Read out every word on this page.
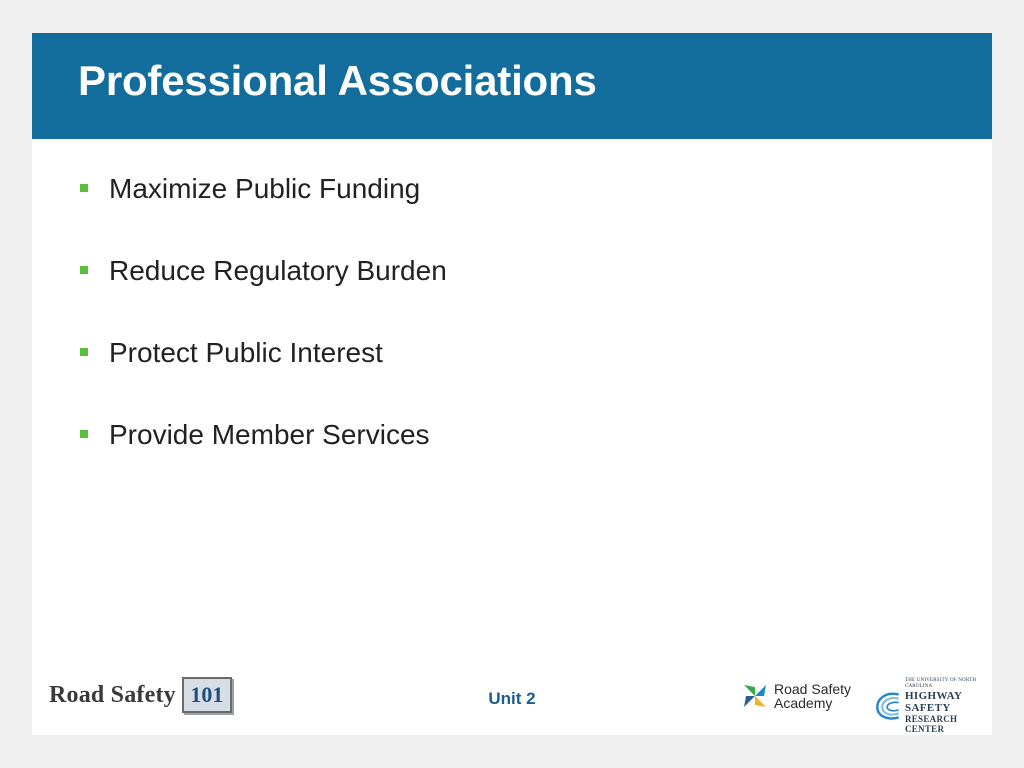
Professional Associations
Maximize Public Funding
Reduce Regulatory Burden
Protect Public Interest
Provide Member Services
Road Safety 101	Unit 2	Road Safety
Academy
THE UNIVERSITY OF NORTH CAROLINA
HIGHWAY SAFETY
RESEARCH CENTER
